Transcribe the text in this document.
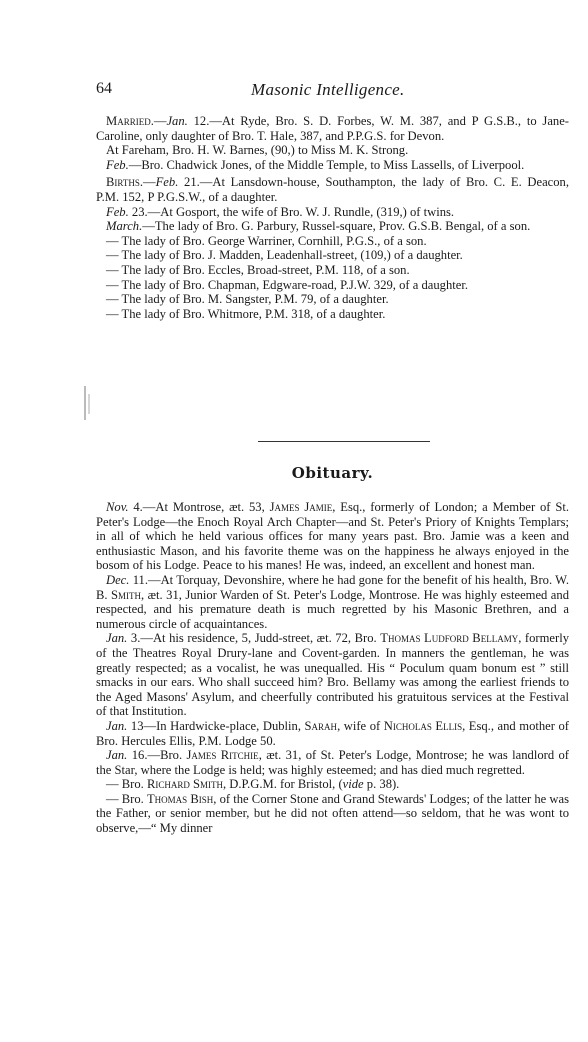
64	Masonic Intelligence.

Married.—Jan. 12.—At Ryde, Bro. S. D. Forbes, W. M. 387, and P G.S.B., to Jane-Caroline, only daughter of Bro. T. Hale, 387, and P.P.G.S. for Devon.

At Fareham, Bro. H. W. Barnes, (90,) to Miss M. K. Strong.

Feb.—Bro. Chadwick Jones, of the Middle Temple, to Miss Lassells, of Liverpool.

Births.—Feb. 21.—At Lansdown-house, Southampton, the lady of Bro. C. E. Deacon, P.M. 152, P P.G.S.W., of a daughter.

Feb. 23.—At Gosport, the wife of Bro. W. J. Rundle, (319,) of twins.

March.—The lady of Bro. G. Parbury, Russel-square, Prov. G.S.B. Bengal, of a son.

— The lady of Bro. George Warriner, Cornhill, P.G.S., of a son.

— The lady of Bro. J. Madden, Leadenhall-street, (109,) of a daughter.

— The lady of Bro. Eccles, Broad-street, P.M. 118, of a son.

— The lady of Bro. Chapman, Edgware-road, P.J.W. 329, of a daughter.

— The lady of Bro. M. Sangster, P.M. 79, of a daughter.

— The lady of Bro. Whitmore, P.M. 318, of a daughter.

Obituary.

Nov. 4.—At Montrose, æt. 53, James Jamie, Esq., formerly of London; a Member of St. Peter's Lodge—the Enoch Royal Arch Chapter—and St. Peter's Priory of Knights Templars; in all of which he held various offices for many years past. Bro. Jamie was a keen and enthusiastic Mason, and his favorite theme was on the happiness he always enjoyed in the bosom of his Lodge. Peace to his manes! He was, indeed, an excellent and honest man.

Dec. 11.—At Torquay, Devonshire, where he had gone for the benefit of his health, Bro. W. B. Smith, æt. 31, Junior Warden of St. Peter's Lodge, Montrose. He was highly esteemed and respected, and his premature death is much regretted by his Masonic Brethren, and a numerous circle of acquaintances.

Jan. 3.—At his residence, 5, Judd-street, æt. 72, Bro. Thomas Ludford Bellamy, formerly of the Theatres Royal Drury-lane and Covent-garden. In manners the gentleman, he was greatly respected; as a vocalist, he was unequalled. His “ Poculum quam bonum est ” still smacks in our ears. Who shall succeed him? Bro. Bellamy was among the earliest friends to the Aged Masons' Asylum, and cheerfully contributed his gratuitous services at the Festival of that Institution.

Jan. 13—In Hardwicke-place, Dublin, Sarah, wife of Nicholas Ellis, Esq., and mother of Bro. Hercules Ellis, P.M. Lodge 50.

Jan. 16.—Bro. James Ritchie, æt. 31, of St. Peter's Lodge, Montrose; he was landlord of the Star, where the Lodge is held; was highly esteemed; and has died much regretted.

— Bro. Richard Smith, D.P.G.M. for Bristol, (vide p. 38).

— Bro. Thomas Bish, of the Corner Stone and Grand Stewards' Lodges; of the latter he was the Father, or senior member, but he did not often attend—so seldom, that he was wont to observe,—“ My dinner
